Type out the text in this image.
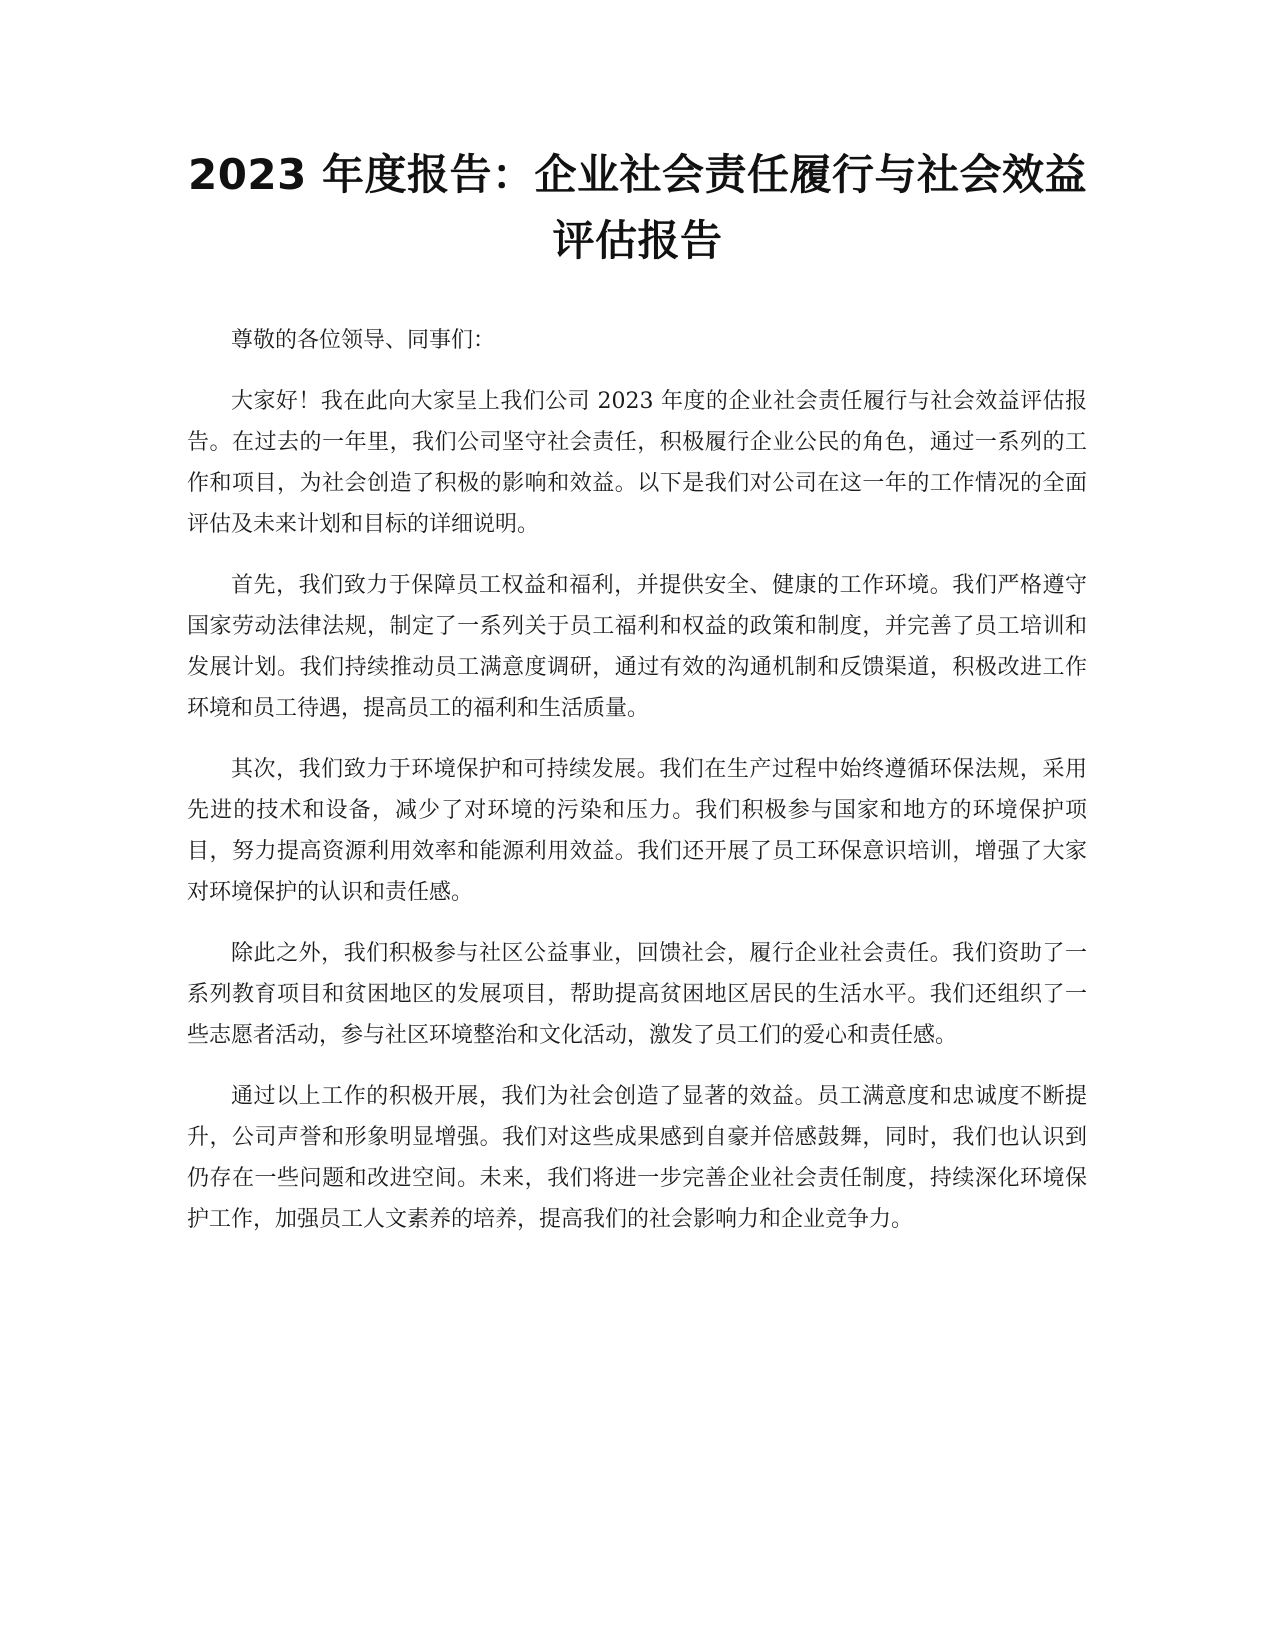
2023 年度报告：企业社会责任履行与社会效益评估报告

尊敬的各位领导、同事们：

大家好！我在此向大家呈上我们公司 2023 年度的企业社会责任履行与社会效益评估报告。在过去的一年里，我们公司坚守社会责任，积极履行企业公民的角色，通过一系列的工作和项目，为社会创造了积极的影响和效益。以下是我们对公司在这一年的工作情况的全面评估及未来计划和目标的详细说明。

首先，我们致力于保障员工权益和福利，并提供安全、健康的工作环境。我们严格遵守国家劳动法律法规，制定了一系列关于员工福利和权益的政策和制度，并完善了员工培训和发展计划。我们持续推动员工满意度调研，通过有效的沟通机制和反馈渠道，积极改进工作环境和员工待遇，提高员工的福利和生活质量。

其次，我们致力于环境保护和可持续发展。我们在生产过程中始终遵循环保法规，采用先进的技术和设备，减少了对环境的污染和压力。我们积极参与国家和地方的环境保护项目，努力提高资源利用效率和能源利用效益。我们还开展了员工环保意识培训，增强了大家对环境保护的认识和责任感。

除此之外，我们积极参与社区公益事业，回馈社会，履行企业社会责任。我们资助了一系列教育项目和贫困地区的发展项目，帮助提高贫困地区居民的生活水平。我们还组织了一些志愿者活动，参与社区环境整治和文化活动，激发了员工们的爱心和责任感。

通过以上工作的积极开展，我们为社会创造了显著的效益。员工满意度和忠诚度不断提升，公司声誉和形象明显增强。我们对这些成果感到自豪并倍感鼓舞，同时，我们也认识到仍存在一些问题和改进空间。未来，我们将进一步完善企业社会责任制度，持续深化环境保护工作，加强员工人文素养的培养，提高我们的社会影响力和企业竞争力。
